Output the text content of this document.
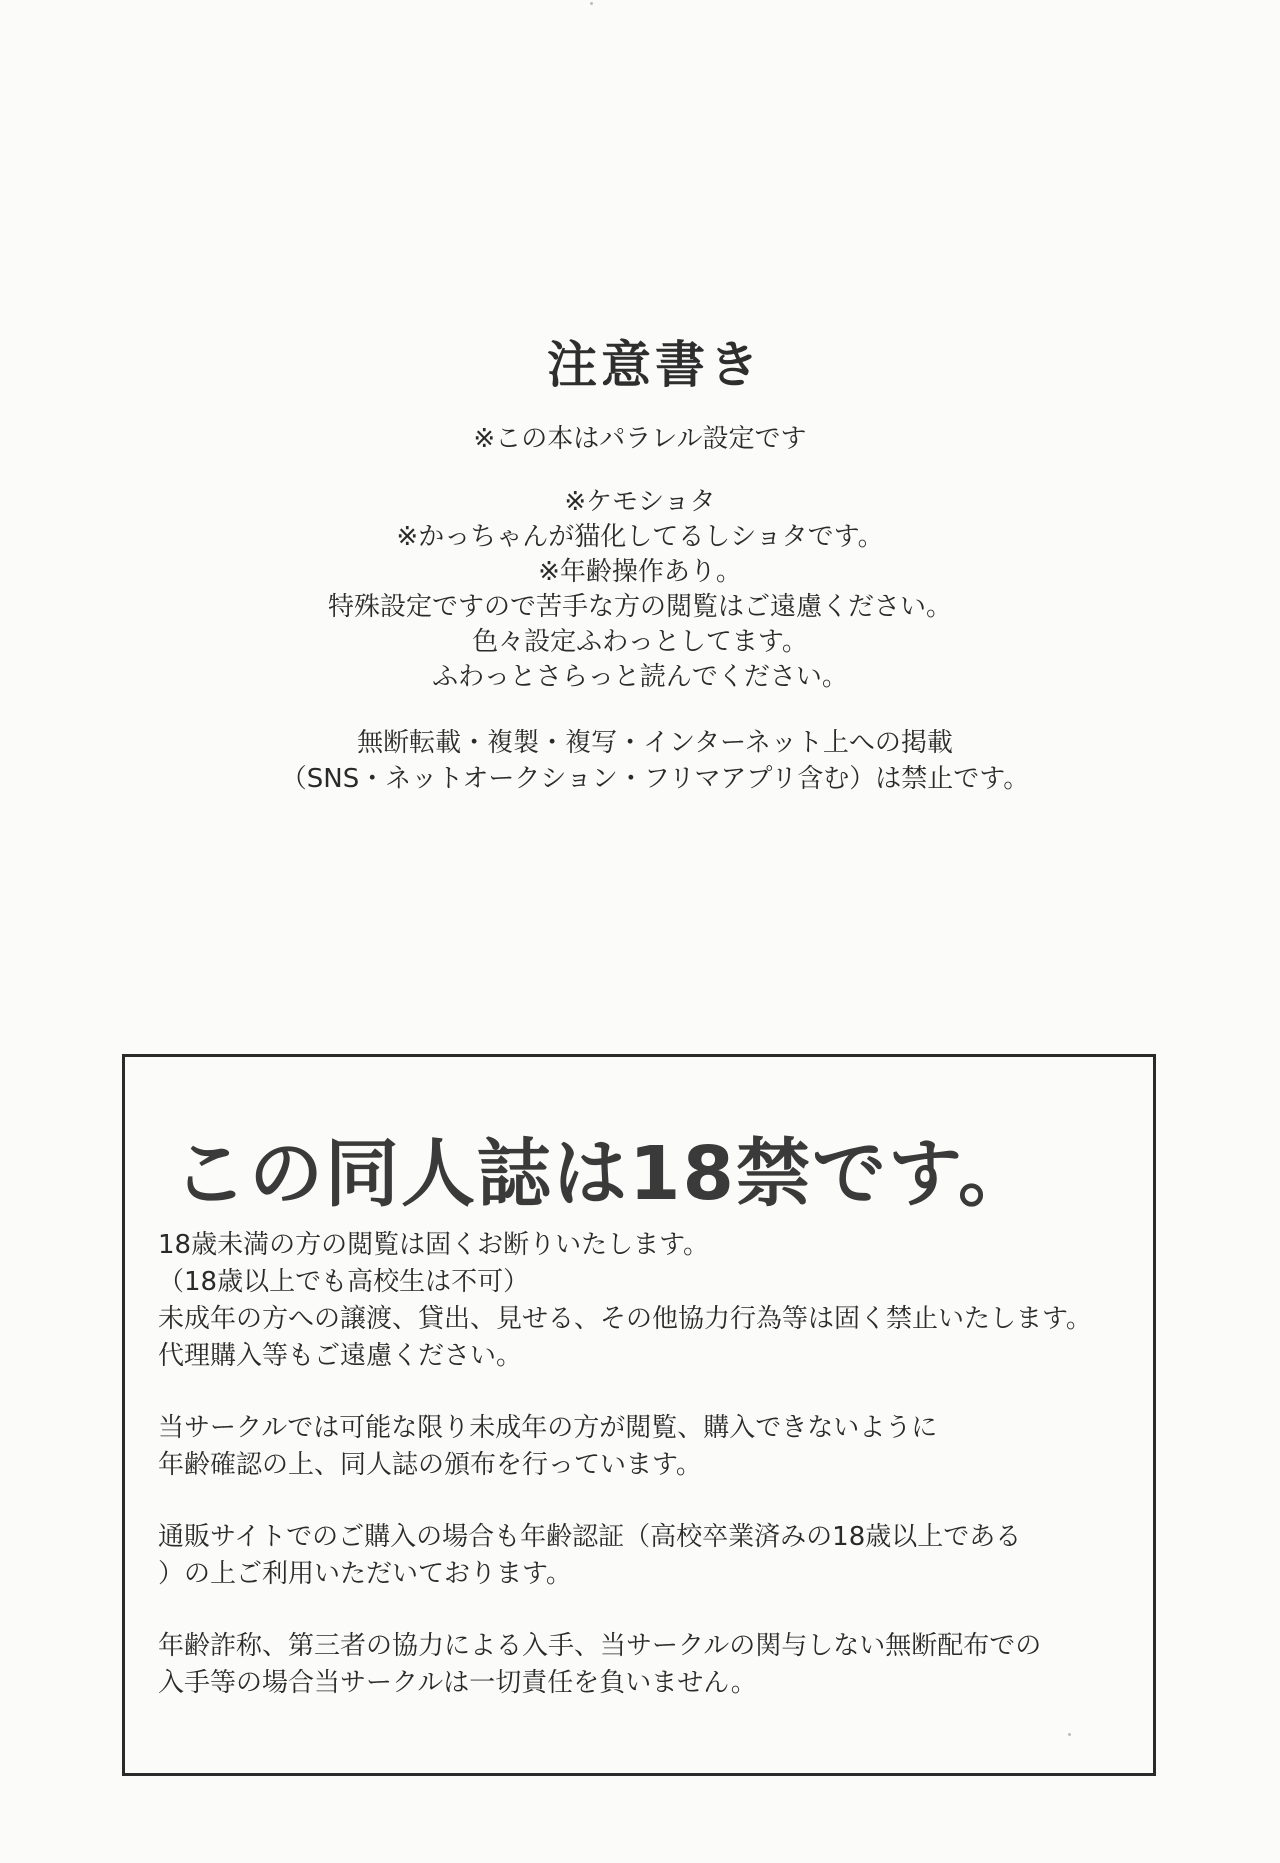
注意書き

※この本はパラレル設定です

※ケモショタ

※かっちゃんが猫化してるしショタです。

※年齢操作あり。

特殊設定ですので苦手な方の閲覧はご遠慮ください。

色々設定ふわっとしてます。

ふわっとさらっと読んでください。

無断転載・複製・複写・インターネット上への掲載

（SNS・ネットオークション・フリマアプリ含む）は禁止です。

この同人誌は18禁です。

18歳未満の方の閲覧は固くお断りいたします。

（18歳以上でも高校生は不可）

未成年の方への譲渡、貸出、見せる、その他協力行為等は固く禁止いたします。

代理購入等もご遠慮ください。

当サークルでは可能な限り未成年の方が閲覧、購入できないように

年齢確認の上、同人誌の頒布を行っています。

通販サイトでのご購入の場合も年齢認証（高校卒業済みの18歳以上である

）の上ご利用いただいております。

年齢詐称、第三者の協力による入手、当サークルの関与しない無断配布での

入手等の場合当サークルは一切責任を負いません。
